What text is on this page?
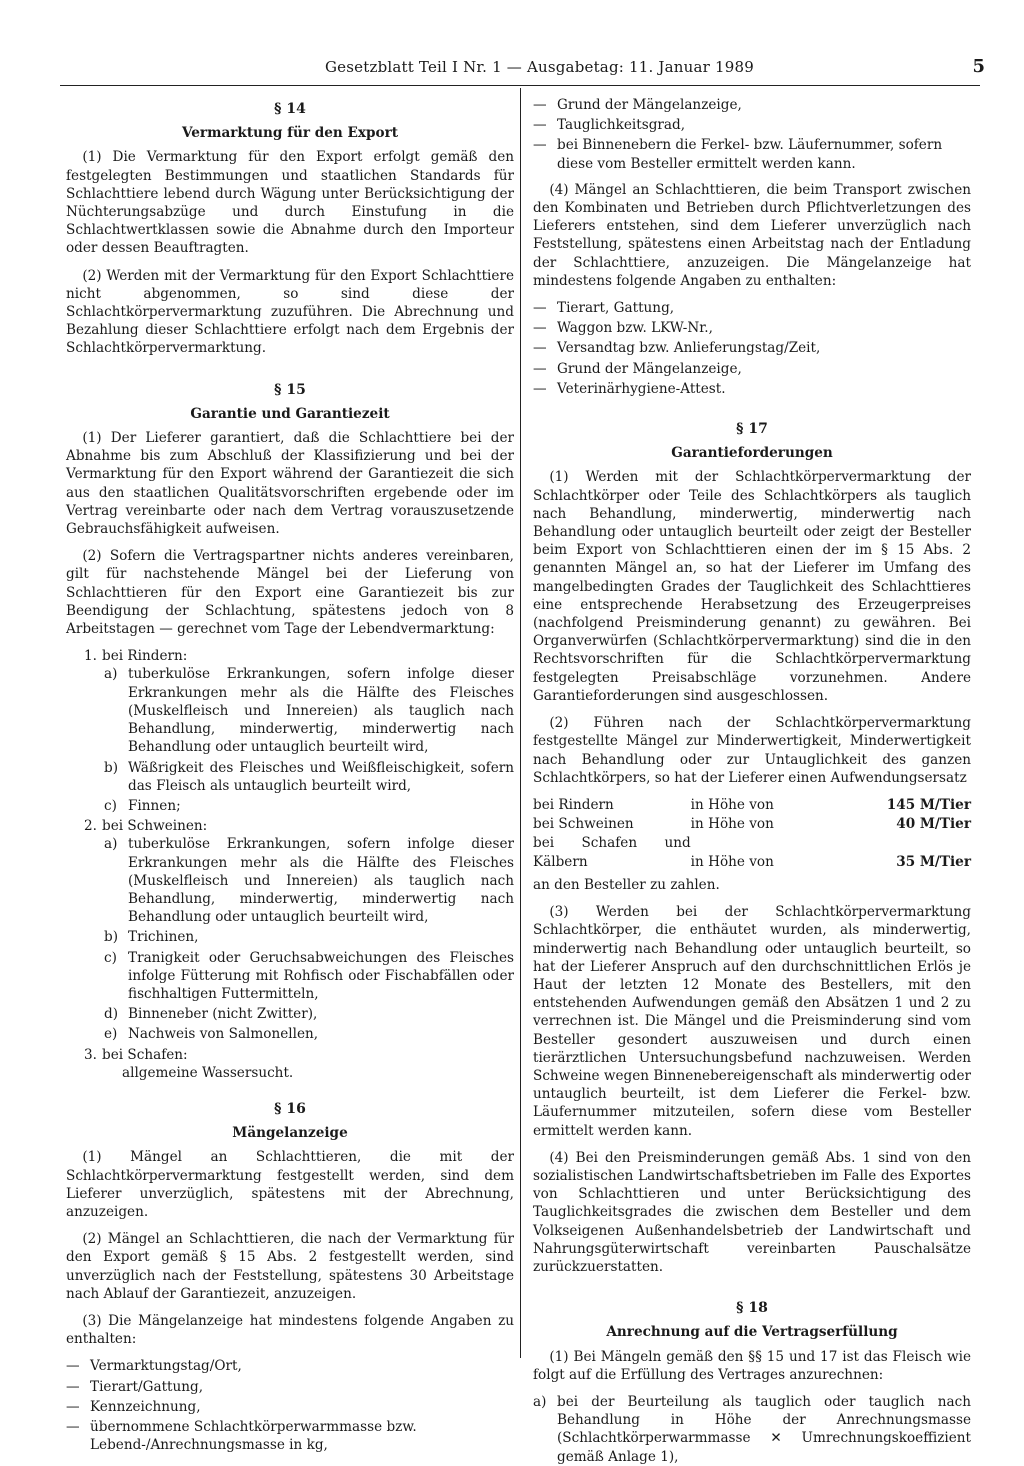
Gesetzblatt Teil I Nr. 1 — Ausgabetag: 11. Januar 1989	5
§ 14
Vermarktung für den Export

(1) Die Vermarktung für den Export erfolgt gemäß den festgelegten Bestimmungen und staatlichen Standards für Schlachttiere lebend durch Wägung unter Berücksichtigung der Nüchterungsabzüge und durch Einstufung in die Schlachtwertklassen sowie die Abnahme durch den Importeur oder dessen Beauftragten.

(2) Werden mit der Vermarktung für den Export Schlachttiere nicht abgenommen, so sind diese der Schlachtkörpervermarktung zuzuführen. Die Abrechnung und Bezahlung dieser Schlachttiere erfolgt nach dem Ergebnis der Schlachtkörpervermarktung.

§ 15
Garantie und Garantiezeit

(1) Der Lieferer garantiert, daß die Schlachttiere bei der Abnahme bis zum Abschluß der Klassifizierung und bei der Vermarktung für den Export während der Garantiezeit die sich aus den staatlichen Qualitätsvorschriften ergebende oder im Vertrag vereinbarte oder nach dem Vertrag vorauszusetzende Gebrauchsfähigkeit aufweisen.

(2) Sofern die Vertragspartner nichts anderes vereinbaren, gilt für nachstehende Mängel bei der Lieferung von Schlachttieren für den Export eine Garantiezeit bis zur Beendigung der Schlachtung, spätestens jedoch von 8 Arbeitstagen — gerechnet vom Tage der Lebendvermarktung:

1. bei Rindern:
a) tuberkulöse Erkrankungen, sofern infolge dieser Erkrankungen mehr als die Hälfte des Fleisches (Muskelfleisch und Innereien) als tauglich nach Behandlung, minderwertig, minderwertig nach Behandlung oder untauglich beurteilt wird,
b) Wäßrigkeit des Fleisches und Weißfleischigkeit, sofern das Fleisch als untauglich beurteilt wird,
c) Finnen;
2. bei Schweinen:
a) tuberkulöse Erkrankungen, sofern infolge dieser Erkrankungen mehr als die Hälfte des Fleisches (Muskelfleisch und Innereien) als tauglich nach Behandlung, minderwertig, minderwertig nach Behandlung oder untauglich beurteilt wird,
b) Trichinen,
c) Tranigkeit oder Geruchsabweichungen des Fleisches infolge Fütterung mit Rohfisch oder Fischabfällen oder fischhaltigen Futtermitteln,
d) Binneneber (nicht Zwitter),
e) Nachweis von Salmonellen,
3. bei Schafen:
allgemeine Wassersucht.
§ 16
Mängelanzeige

(1) Mängel an Schlachttieren, die mit der Schlachtkörpervermarktung festgestellt werden, sind dem Lieferer unverzüglich, spätestens mit der Abrechnung, anzuzeigen.

(2) Mängel an Schlachttieren, die nach der Vermarktung für den Export gemäß § 15 Abs. 2 festgestellt werden, sind unverzüglich nach der Feststellung, spätestens 30 Arbeitstage nach Ablauf der Garantiezeit, anzuzeigen.

(3) Die Mängelanzeige hat mindestens folgende Angaben zu enthalten:

— Vermarktungstag/Ort,
— Tierart/Gattung,
— Kennzeichnung,
— übernommene Schlachtkörperwarmmasse bzw. Lebend-/Anrechnungsmasse in kg,
— Grund der Mängelanzeige,
— Tauglichkeitsgrad,
— bei Binnenebern die Ferkel- bzw. Läufernummer, sofern diese vom Besteller ermittelt werden kann.

(4) Mängel an Schlachttieren, die beim Transport zwischen den Kombinaten und Betrieben durch Pflichtverletzungen des Lieferers entstehen, sind dem Lieferer unverzüglich nach Feststellung, spätestens einen Arbeitstag nach der Entladung der Schlachttiere, anzuzeigen. Die Mängelanzeige hat mindestens folgende Angaben zu enthalten:

— Tierart, Gattung,
— Waggon bzw. LKW-Nr.,
— Versandtag bzw. Anlieferungstag/Zeit,
— Grund der Mängelanzeige,
— Veterinärhygiene-Attest.
§ 17
Garantieforderungen

(1) Werden mit der Schlachtkörpervermarktung der Schlachtkörper oder Teile des Schlachtkörpers als tauglich nach Behandlung, minderwertig, minderwertig nach Behandlung oder untauglich beurteilt oder zeigt der Besteller beim Export von Schlachttieren einen der im § 15 Abs. 2 genannten Mängel an, so hat der Lieferer im Umfang des mangelbedingten Grades der Tauglichkeit des Schlachttieres eine entsprechende Herabsetzung des Erzeugerpreises (nachfolgend Preisminderung genannt) zu gewähren. Bei Organverwürfen (Schlachtkörpervermarktung) sind die in den Rechtsvorschriften für die Schlachtkörpervermarktung festgelegten Preisabschläge vorzunehmen. Andere Garantieforderungen sind ausgeschlossen.

(2) Führen nach der Schlachtkörpervermarktung festgestellte Mängel zur Minderwertigkeit, Minderwertigkeit nach Behandlung oder zur Untauglichkeit des ganzen Schlachtkörpers, so hat der Lieferer einen Aufwendungsersatz

bei Rindern	in Höhe von	145 M/Tier
bei Schweinen	in Höhe von	40 M/Tier
bei Schafen und Kälbern	in Höhe von	35 M/Tier

an den Besteller zu zahlen.

(3) Werden bei der Schlachtkörpervermarktung Schlachtkörper, die enthäutet wurden, als minderwertig, minderwertig nach Behandlung oder untauglich beurteilt, so hat der Lieferer Anspruch auf den durchschnittlichen Erlös je Haut der letzten 12 Monate des Bestellers, mit den entstehenden Aufwendungen gemäß den Absätzen 1 und 2 zu verrechnen ist. Die Mängel und die Preisminderung sind vom Besteller gesondert auszuweisen und durch einen tierärztlichen Untersuchungsbefund nachzuweisen. Werden Schweine wegen Binnenebereigenschaft als minderwertig oder untauglich beurteilt, ist dem Lieferer die Ferkel- bzw. Läufernummer mitzuteilen, sofern diese vom Besteller ermittelt werden kann.

(4) Bei den Preisminderungen gemäß Abs. 1 sind von den sozialistischen Landwirtschaftsbetrieben im Falle des Exportes von Schlachttieren und unter Berücksichtigung des Tauglichkeitsgrades die zwischen dem Besteller und dem Volkseigenen Außenhandelsbetrieb der Landwirtschaft und Nahrungsgüterwirtschaft vereinbarten Pauschalsätze zurückzuerstatten.

§ 18
Anrechnung auf die Vertragserfüllung

(1) Bei Mängeln gemäß den §§ 15 und 17 ist das Fleisch wie folgt auf die Erfüllung des Vertrages anzurechnen:

a) bei der Beurteilung als tauglich oder tauglich nach Behandlung in Höhe der Anrechnungsmasse (Schlachtkörperwarmmasse ✕ Umrechnungskoeffizient gemäß Anlage 1),
